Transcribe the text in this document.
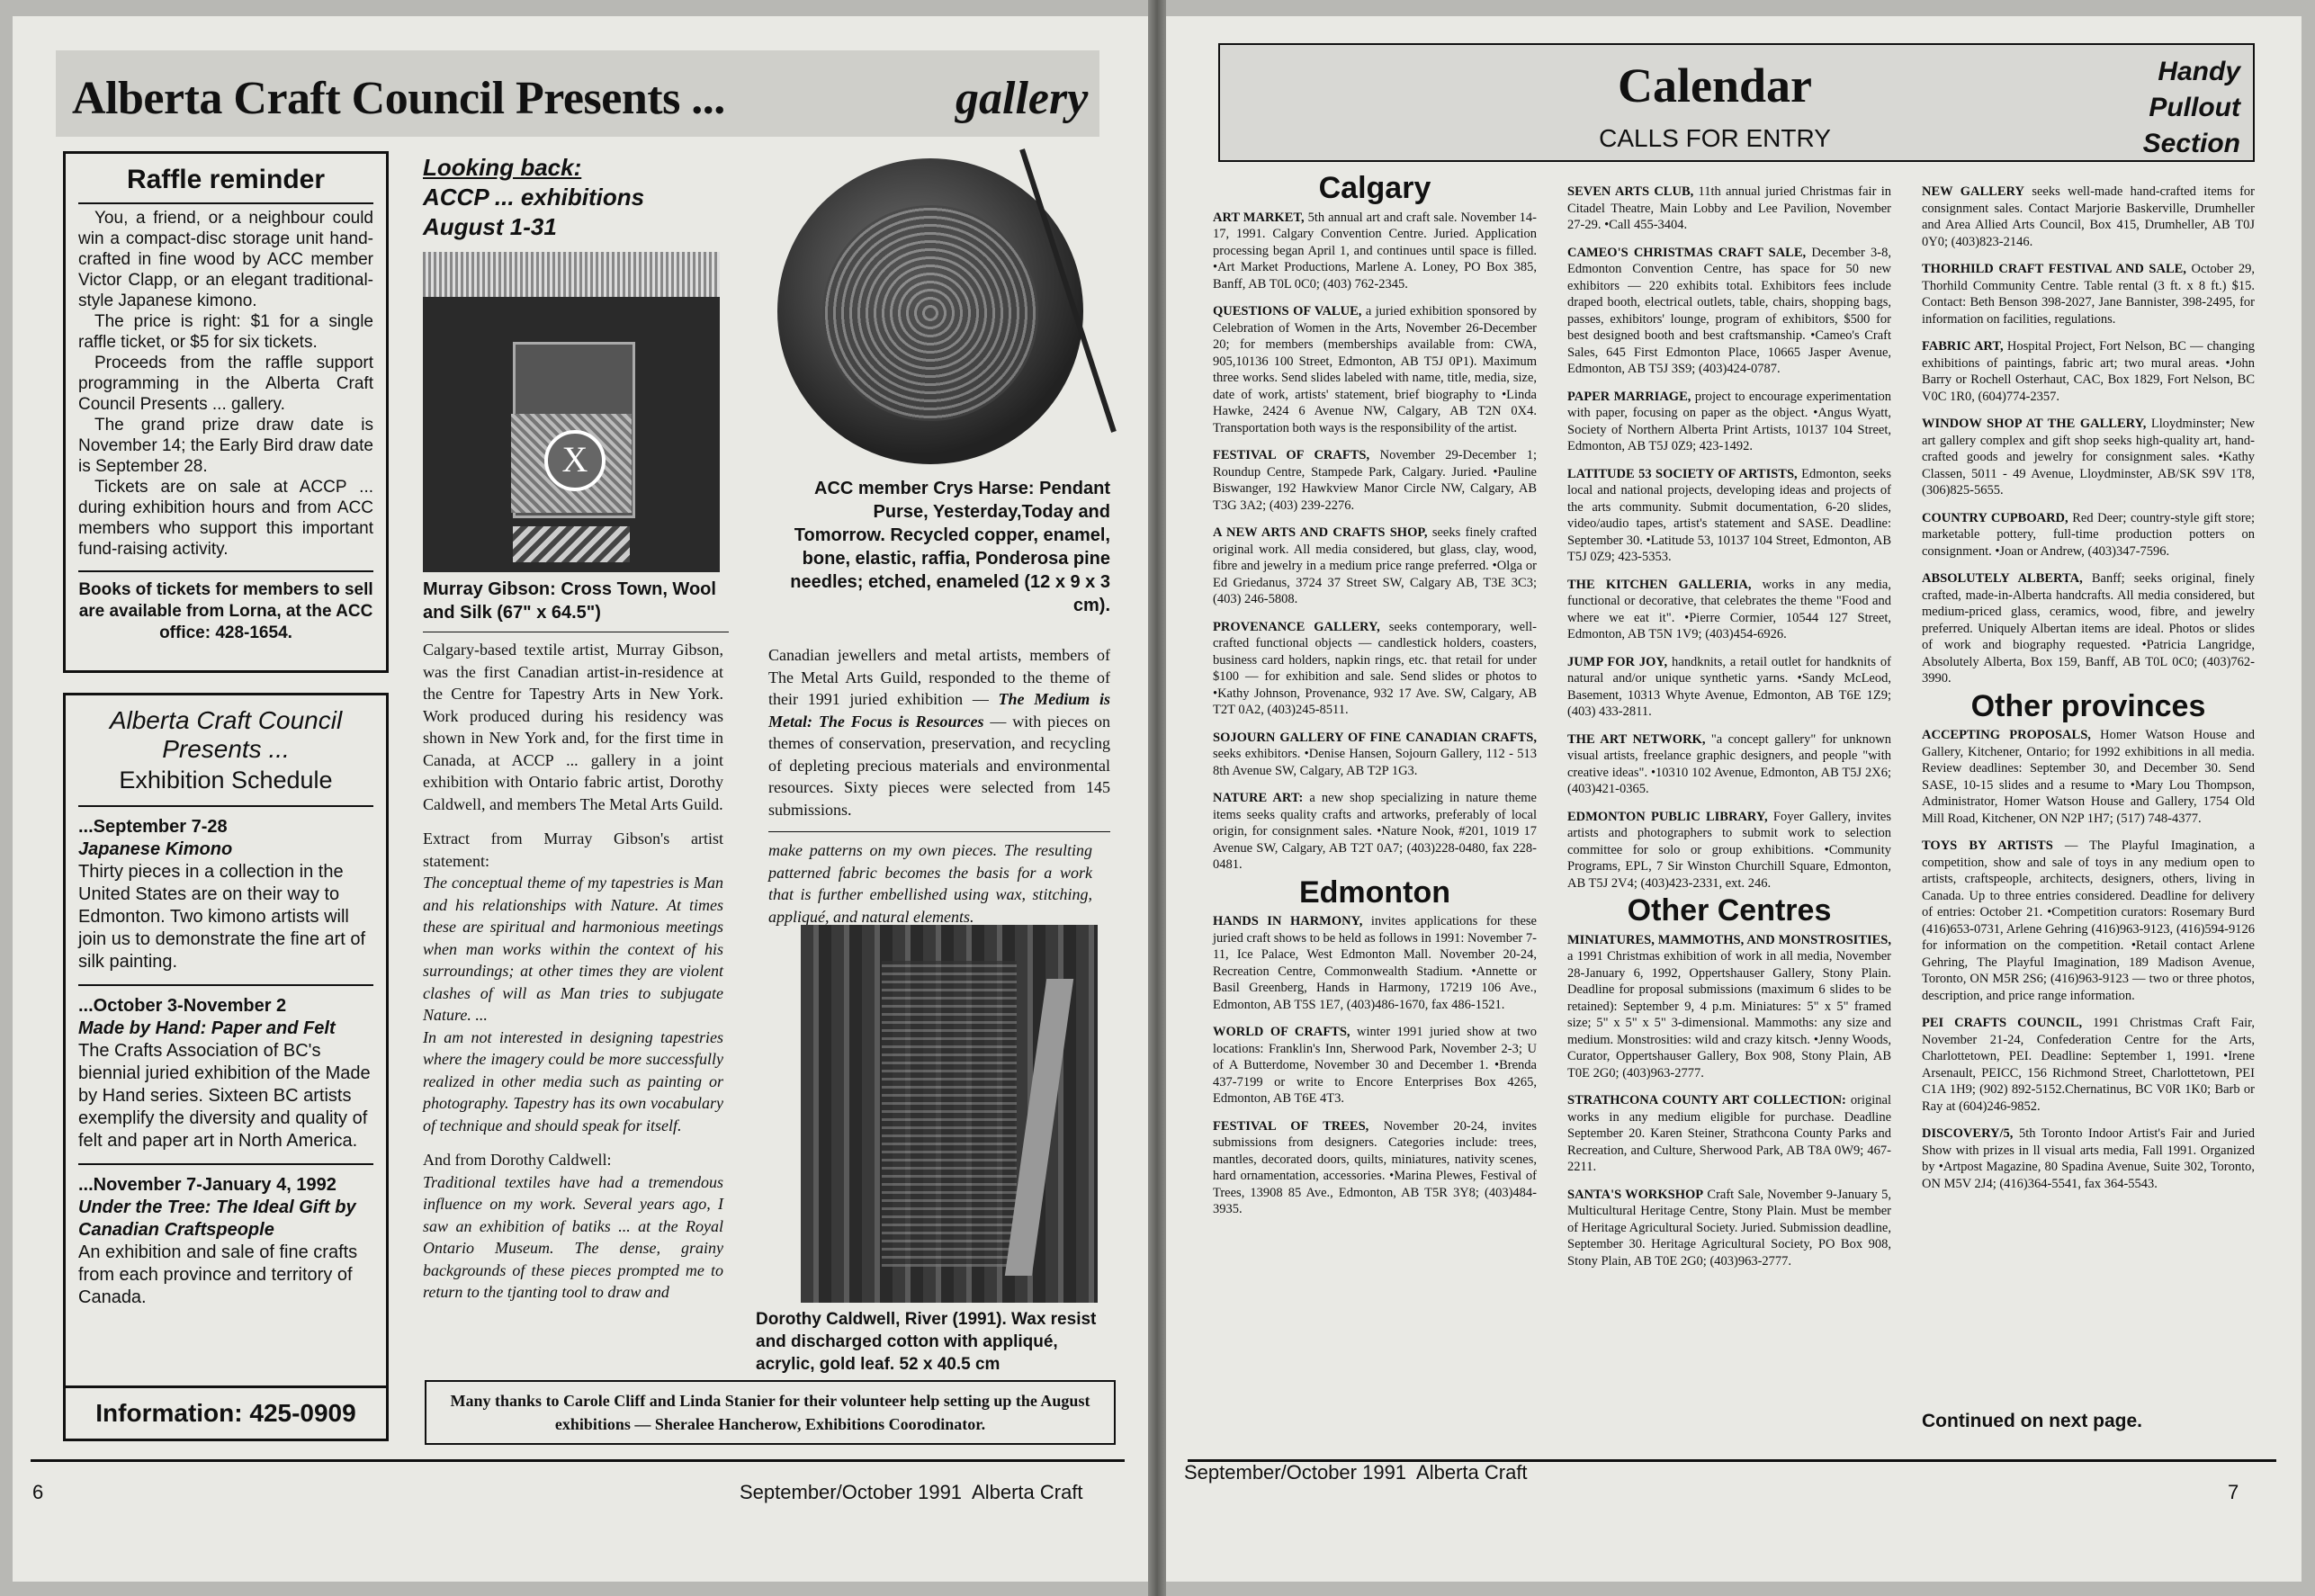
Alberta Craft Council Presents ...	gallery
Raffle reminder

You, a friend, or a neighbour could win a compact-disc storage unit hand-crafted in fine wood by ACC member Victor Clapp, or an elegant traditional-style Japanese kimono.

The price is right: $1 for a single raffle ticket, or $5 for six tickets.

Proceeds from the raffle support programming in the Alberta Craft Council Presents ... gallery.

The grand prize draw date is November 14; the Early Bird draw date is September 28.

Tickets are on sale at ACCP ... during exhibition hours and from ACC members who support this important fund-raising activity.

Books of tickets for members to sell are available from Lorna, at the ACC office: 428-1654.

Alberta Craft Council
Presents ...
Exhibition Schedule

...September 7-28

Japanese Kimono

Thirty pieces in a collection in the United States are on their way to Edmonton. Two kimono artists will join us to demonstrate the fine art of silk painting.

...October 3-November 2

Made by Hand: Paper and Felt

The Crafts Association of BC's biennial juried exhibition of the Made by Hand series. Sixteen BC artists exemplify the diversity and quality of felt and paper art in North America.

...November 7-January 4, 1992

Under the Tree: The Ideal Gift by Canadian Craftspeople

An exhibition and sale of fine crafts from each province and territory of Canada.

Information: 425-0909
Looking back:
ACCP ... exhibitions
August 1-31
X
Murray Gibson: Cross Town, Wool and Silk (67" x 64.5")

Calgary-based textile artist, Murray Gibson, was the first Canadian artist-in-residence at the Centre for Tapestry Arts in New York. Work produced during his residency was shown in New York and, for the first time in Canada, at ACCP ... gallery in a joint exhibition with Ontario fabric artist, Dorothy Caldwell, and members The Metal Arts Guild.

Extract from Murray Gibson's artist statement:

The conceptual theme of my tapestries is Man and his relationships with Nature. At times these are spiritual and harmonious meetings when man works within the context of his surroundings; at other times they are violent clashes of will as Man tries to subjugate Nature. ...

In am not interested in designing tapestries where the imagery could be more successfully realized in other media such as painting or photography. Tapestry has its own vocabulary of technique and should speak for itself.

And from Dorothy Caldwell:

Traditional textiles have had a tremendous influence on my work. Several years ago, I saw an exhibition of batiks ... at the Royal Ontario Museum. The dense, grainy backgrounds of these pieces prompted me to return to the tjanting tool to draw and

ACC member Crys Harse: Pendant Purse, Yesterday,Today and Tomorrow. Recycled copper, enamel, bone, elastic, raffia, Ponderosa pine needles; etched, enameled (12 x 9 x 3 cm).

Canadian jewellers and metal artists, members of The Metal Arts Guild, responded to the theme of their 1991 juried exhibition — The Medium is Metal: The Focus is Resources — with pieces on themes of conservation, preservation, and recycling of depleting precious materials and environmental resources. Sixty pieces were selected from 145 submissions.

make patterns on my own pieces. The resulting patterned fabric becomes the basis for a work that is further embellished using wax, stitching, appliqué, and natural elements.

Dorothy Caldwell, River (1991). Wax resist and discharged cotton with appliqué, acrylic, gold leaf. 52 x 40.5 cm
Many thanks to Carole Cliff and Linda Stanier for their volunteer help setting up the August exhibitions — Sheralee Hancherow, Exhibitions Coorodinator.
6	September/October 1991  Alberta Craft
Calendar
CALLS FOR ENTRY
Handy
Pullout
Section
Calgary

ART MARKET, 5th annual art and craft sale. November 14-17, 1991. Calgary Convention Centre. Juried. Application processing began April 1, and continues until space is filled. •Art Market Productions, Marlene A. Loney, PO Box 385, Banff, AB T0L 0C0; (403) 762-2345.

QUESTIONS OF VALUE, a juried exhibition sponsored by Celebration of Women in the Arts, November 26-December 20; for members (memberships available from: CWA, 905,10136 100 Street, Edmonton, AB T5J 0P1). Maximum three works. Send slides labeled with name, title, media, size, date of work, artists' statement, brief biography to •Linda Hawke, 2424 6 Avenue NW, Calgary, AB T2N 0X4. Transportation both ways is the responsibility of the artist.

FESTIVAL OF CRAFTS, November 29-December 1; Roundup Centre, Stampede Park, Calgary. Juried. •Pauline Biswanger, 192 Hawkview Manor Circle NW, Calgary, AB T3G 3A2; (403) 239-2276.

A NEW ARTS AND CRAFTS SHOP, seeks finely crafted original work. All media considered, but glass, clay, wood, fibre and jewelry in a medium price range preferred. •Olga or Ed Griedanus, 3724 37 Street SW, Calgary AB, T3E 3C3; (403) 246-5808.

PROVENANCE GALLERY, seeks contemporary, well-crafted functional objects — candlestick holders, coasters, business card holders, napkin rings, etc. that retail for under $100 — for exhibition and sale. Send slides or photos to •Kathy Johnson, Provenance, 932 17 Ave. SW, Calgary, AB T2T 0A2, (403)245-8511.

SOJOURN GALLERY OF FINE CANADIAN CRAFTS, seeks exhibitors. •Denise Hansen, Sojourn Gallery, 112 - 513 8th Avenue SW, Calgary, AB T2P 1G3.

NATURE ART: a new shop specializing in nature theme items seeks quality crafts and artworks, preferably of local origin, for consignment sales. •Nature Nook, #201, 1019 17 Avenue SW, Calgary, AB T2T 0A7; (403)228-0480, fax 228-0481.

Edmonton

HANDS IN HARMONY, invites applications for these juried craft shows to be held as follows in 1991: November 7-11, Ice Palace, West Edmonton Mall. November 20-24, Recreation Centre, Commonwealth Stadium. •Annette or Basil Greenberg, Hands in Harmony, 17219 106 Ave., Edmonton, AB T5S 1E7, (403)486-1670, fax 486-1521.

WORLD OF CRAFTS, winter 1991 juried show at two locations: Franklin's Inn, Sherwood Park, November 2-3; U of A Butterdome, November 30 and December 1. •Brenda 437-7199 or write to Encore Enterprises Box 4265, Edmonton, AB T6E 4T3.

FESTIVAL OF TREES, November 20-24, invites submissions from designers. Categories include: trees, mantles, decorated doors, quilts, miniatures, nativity scenes, hard ornamentation, accessories. •Marina Plewes, Festival of Trees, 13908 85 Ave., Edmonton, AB T5R 3Y8; (403)484-3935.

SEVEN ARTS CLUB, 11th annual juried Christmas fair in Citadel Theatre, Main Lobby and Lee Pavilion, November 27-29. •Call 455-3404.

CAMEO'S CHRISTMAS CRAFT SALE, December 3-8, Edmonton Convention Centre, has space for 50 new exhibitors — 220 exhibits total. Exhibitors fees include draped booth, electrical outlets, table, chairs, shopping bags, passes, exhibitors' lounge, program of exhibitors, $500 for best designed booth and best craftsmanship. •Cameo's Craft Sales, 645 First Edmonton Place, 10665 Jasper Avenue, Edmonton, AB T5J 3S9; (403)424-0787.

PAPER MARRIAGE, project to encourage experimentation with paper, focusing on paper as the object. •Angus Wyatt, Society of Northern Alberta Print Artists, 10137 104 Street, Edmonton, AB T5J 0Z9; 423-1492.

LATITUDE 53 SOCIETY OF ARTISTS, Edmonton, seeks local and national projects, developing ideas and projects of the arts community. Submit documentation, 6-20 slides, video/audio tapes, artist's statement and SASE. Deadline: September 30. •Latitude 53, 10137 104 Street, Edmonton, AB T5J 0Z9; 423-5353.

THE KITCHEN GALLERIA, works in any media, functional or decorative, that celebrates the theme "Food and where we eat it". •Pierre Cormier, 10544 127 Street, Edmonton, AB T5N 1V9; (403)454-6926.

JUMP FOR JOY, handknits, a retail outlet for handknits of natural and/or unique synthetic yarns. •Sandy McLeod, Basement, 10313 Whyte Avenue, Edmonton, AB T6E 1Z9; (403) 433-2811.

THE ART NETWORK, "a concept gallery" for unknown visual artists, freelance graphic designers, and people "with creative ideas". •10310 102 Avenue, Edmonton, AB T5J 2X6; (403)421-0365.

EDMONTON PUBLIC LIBRARY, Foyer Gallery, invites artists and photographers to submit work to selection committee for solo or group exhibitions. •Community Programs, EPL, 7 Sir Winston Churchill Square, Edmonton, AB T5J 2V4; (403)423-2331, ext. 246.

Other Centres

MINIATURES, MAMMOTHS, AND MONSTROSITIES, a 1991 Christmas exhibition of work in all media, November 28-January 6, 1992, Oppertshauser Gallery, Stony Plain. Deadline for proposal submissions (maximum 6 slides to be retained): September 9, 4 p.m. Miniatures: 5" x 5" framed size; 5" x 5" x 5" 3-dimensional. Mammoths: any size and medium. Monstrosities: wild and crazy kitsch. •Jenny Woods, Curator, Oppertshauser Gallery, Box 908, Stony Plain, AB T0E 2G0; (403)963-2777.

STRATHCONA COUNTY ART COLLECTION: original works in any medium eligible for purchase. Deadline September 20. Karen Steiner, Strathcona County Parks and Recreation, and Culture, Sherwood Park, AB T8A 0W9; 467-2211.

SANTA'S WORKSHOP Craft Sale, November 9-January 5, Multicultural Heritage Centre, Stony Plain. Must be member of Heritage Agricultural Society. Juried. Submission deadline, September 30. Heritage Agricultural Society, PO Box 908, Stony Plain, AB T0E 2G0; (403)963-2777.

NEW GALLERY seeks well-made hand-crafted items for consignment sales. Contact Marjorie Baskerville, Drumheller and Area Allied Arts Council, Box 415, Drumheller, AB T0J 0Y0; (403)823-2146.

THORHILD CRAFT FESTIVAL AND SALE, October 29, Thorhild Community Centre. Table rental (3 ft. x 8 ft.) $15. Contact: Beth Benson 398-2027, Jane Bannister, 398-2495, for information on facilities, regulations.

FABRIC ART, Hospital Project, Fort Nelson, BC — changing exhibitions of paintings, fabric art; two mural areas. •John Barry or Rochell Osterhaut, CAC, Box 1829, Fort Nelson, BC V0C 1R0, (604)774-2357.

WINDOW SHOP AT THE GALLERY, Lloydminster; New art gallery complex and gift shop seeks high-quality art, hand-crafted goods and jewelry for consignment sales. •Kathy Classen, 5011 - 49 Avenue, Lloydminster, AB/SK S9V 1T8, (306)825-5655.

COUNTRY CUPBOARD, Red Deer; country-style gift store; marketable pottery, full-time production potters on consignment. •Joan or Andrew, (403)347-7596.

ABSOLUTELY ALBERTA, Banff; seeks original, finely crafted, made-in-Alberta handcrafts. All media considered, but medium-priced glass, ceramics, wood, fibre, and jewelry preferred. Uniquely Albertan items are ideal. Photos or slides of work and biography requested. •Patricia Langridge, Absolutely Alberta, Box 159, Banff, AB T0L 0C0; (403)762-3990.

Other provinces

ACCEPTING PROPOSALS, Homer Watson House and Gallery, Kitchener, Ontario; for 1992 exhibitions in all media. Review deadlines: September 30, and December 30. Send SASE, 10-15 slides and a resume to •Mary Lou Thompson, Administrator, Homer Watson House and Gallery, 1754 Old Mill Road, Kitchener, ON N2P 1H7; (517) 748-4377.

TOYS BY ARTISTS — The Playful Imagination, a competition, show and sale of toys in any medium open to artists, craftspeople, architects, designers, others, living in Canada. Up to three entries considered. Deadline for delivery of entries: October 21. •Competition curators: Rosemary Burd (416)653-0731, Arlene Gehring (416)963-9123, (416)594-9126 for information on the competition. •Retail contact Arlene Gehring, The Playful Imagination, 189 Madison Avenue, Toronto, ON M5R 2S6; (416)963-9123 — two or three photos, description, and price range information.

PEI CRAFTS COUNCIL, 1991 Christmas Craft Fair, November 21-24, Confederation Centre for the Arts, Charlottetown, PEI. Deadline: September 1, 1991. •Irene Arsenault, PEICC, 156 Richmond Street, Charlottetown, PEI C1A 1H9; (902) 892-5152.Chernatinus, BC V0R 1K0; Barb or Ray at (604)246-9852.

DISCOVERY/5, 5th Toronto Indoor Artist's Fair and Juried Show with prizes in ll visual arts media, Fall 1991. Organized by •Artpost Magazine, 80 Spadina Avenue, Suite 302, Toronto, ON M5V 2J4; (416)364-5541, fax 364-5543.

Continued on next page.
September/October 1991  Alberta Craft
7
